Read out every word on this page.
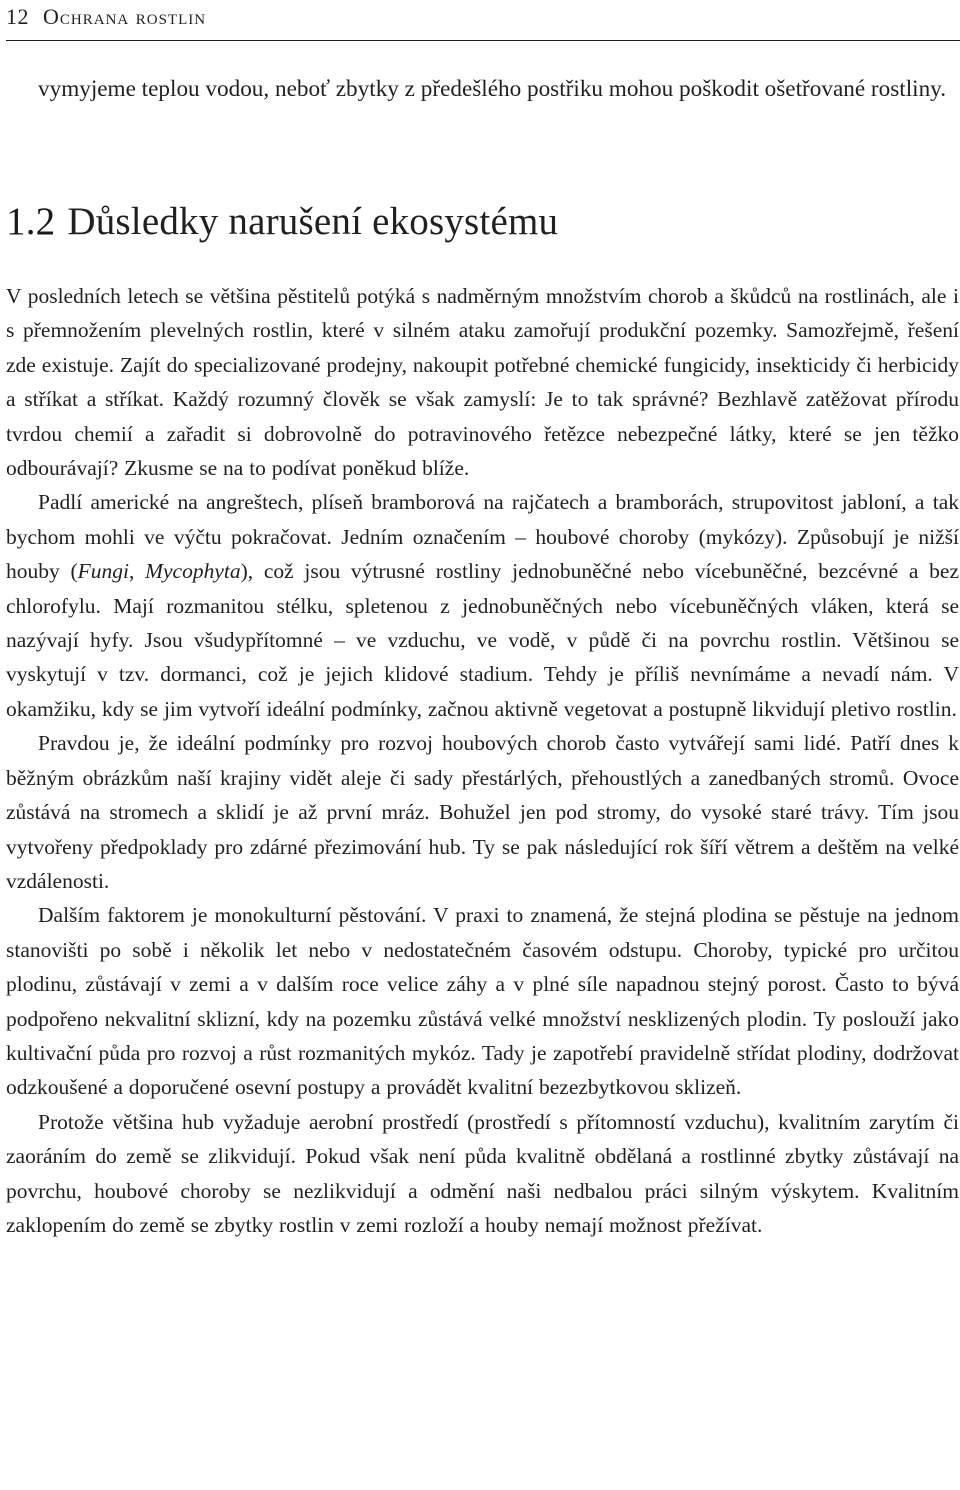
12 Ochrana rostlin

vymyjeme teplou vodou, neboť zbytky z předešlého postřiku mohou poškodit ošetřované rostliny.

1.2 Důsledky narušení ekosystému

V posledních letech se většina pěstitelů potýká s nadměrným množstvím chorob a škůdců na rostlinách, ale i s přemnožením plevelných rostlin, které v silném ataku zamořují produkční pozemky. Samozřejmě, řešení zde existuje. Zajít do specializované prodejny, nakoupit potřebné chemické fungicidy, insekticidy či herbicidy a stříkat a stříkat. Každý rozumný člověk se však zamyslí: Je to tak správné? Bezhlavě zatěžovat přírodu tvrdou chemií a zařadit si dobrovolně do potravinového řetězce nebezpečné látky, které se jen těžko odbourávají? Zkusme se na to podívat poněkud blíže.

Padlí americké na angreštech, plíseň bramborová na rajčatech a bramborách, strupovitost jabloní, a tak bychom mohli ve výčtu pokračovat. Jedním označením – houbové choroby (mykózy). Způsobují je nižší houby (Fungi, Mycophyta), což jsou výtrusné rostliny jednobuněčné nebo vícebuněčné, bezcévné a bez chlorofylu. Mají rozmanitou stélku, spletenou z jednobuněčných nebo vícebuněčných vláken, která se nazývají hyfy. Jsou všudypřítomné – ve vzduchu, ve vodě, v půdě či na povrchu rostlin. Většinou se vyskytují v tzv. dormanci, což je jejich klidové stadium. Tehdy je příliš nevnímáme a nevadí nám. V okamžiku, kdy se jim vytvoří ideální podmínky, začnou aktivně vegetovat a postupně likvidují pletivo rostlin.

Pravdou je, že ideální podmínky pro rozvoj houbových chorob často vytvářejí sami lidé. Patří dnes k běžným obrázkům naší krajiny vidět aleje či sady přestárlých, přehoustlých a zanedbaných stromů. Ovoce zůstává na stromech a sklidí je až první mráz. Bohužel jen pod stromy, do vysoké staré trávy. Tím jsou vytvořeny předpoklady pro zdárné přezimování hub. Ty se pak následující rok šíří větrem a deštěm na velké vzdálenosti.

Dalším faktorem je monokulturní pěstování. V praxi to znamená, že stejná plodina se pěstuje na jednom stanovišti po sobě i několik let nebo v nedostatečném časovém odstupu. Choroby, typické pro určitou plodinu, zůstávají v zemi a v dalším roce velice záhy a v plné síle napadnou stejný porost. Často to bývá podpořeno nekvalitní sklizní, kdy na pozemku zůstává velké množství nesklizených plodin. Ty poslouží jako kultivační půda pro rozvoj a růst rozmanitých mykóz. Tady je zapotřebí pravidelně střídat plodiny, dodržovat odzkoušené a doporučené osevní postupy a provádět kvalitní bezezbytkovou sklizeň.

Protože většina hub vyžaduje aerobní prostředí (prostředí s přítomností vzduchu), kvalitním zarytím či zaoráním do země se zlikvidují. Pokud však není půda kvalitně obdělaná a rostlinné zbytky zůstávají na povrchu, houbové choroby se nezlikvidují a odmění naši nedbalou práci silným výskytem. Kvalitním zaklopením do země se zbytky rostlin v zemi rozloží a houby nemají možnost přežívat.
